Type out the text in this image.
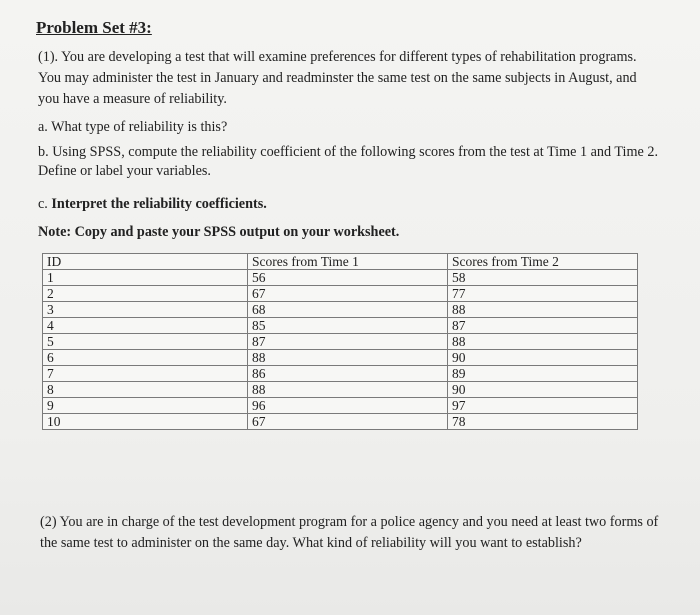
Problem Set #3:
(1). You are developing a test that will examine preferences for different types of rehabilitation programs. You may administer the test in January and readminster the same test on the same subjects in August, and you have a measure of reliability.
a. What type of reliability is this?
b. Using SPSS, compute the reliability coefficient of the following scores from the test at Time 1 and Time 2. Define or label your variables.
c. Interpret the reliability coefficients.
Note: Copy and paste your SPSS output on your worksheet.
ID	Scores from Time 1	Scores from Time 2
1	56	58
2	67	77
3	68	88
4	85	87
5	87	88
6	88	90
7	86	89
8	88	90
9	96	97
10	67	78
(2) You are in charge of the test development program for a police agency and you need at least two forms of the same test to administer on the same day. What kind of reliability will you want to establish?
